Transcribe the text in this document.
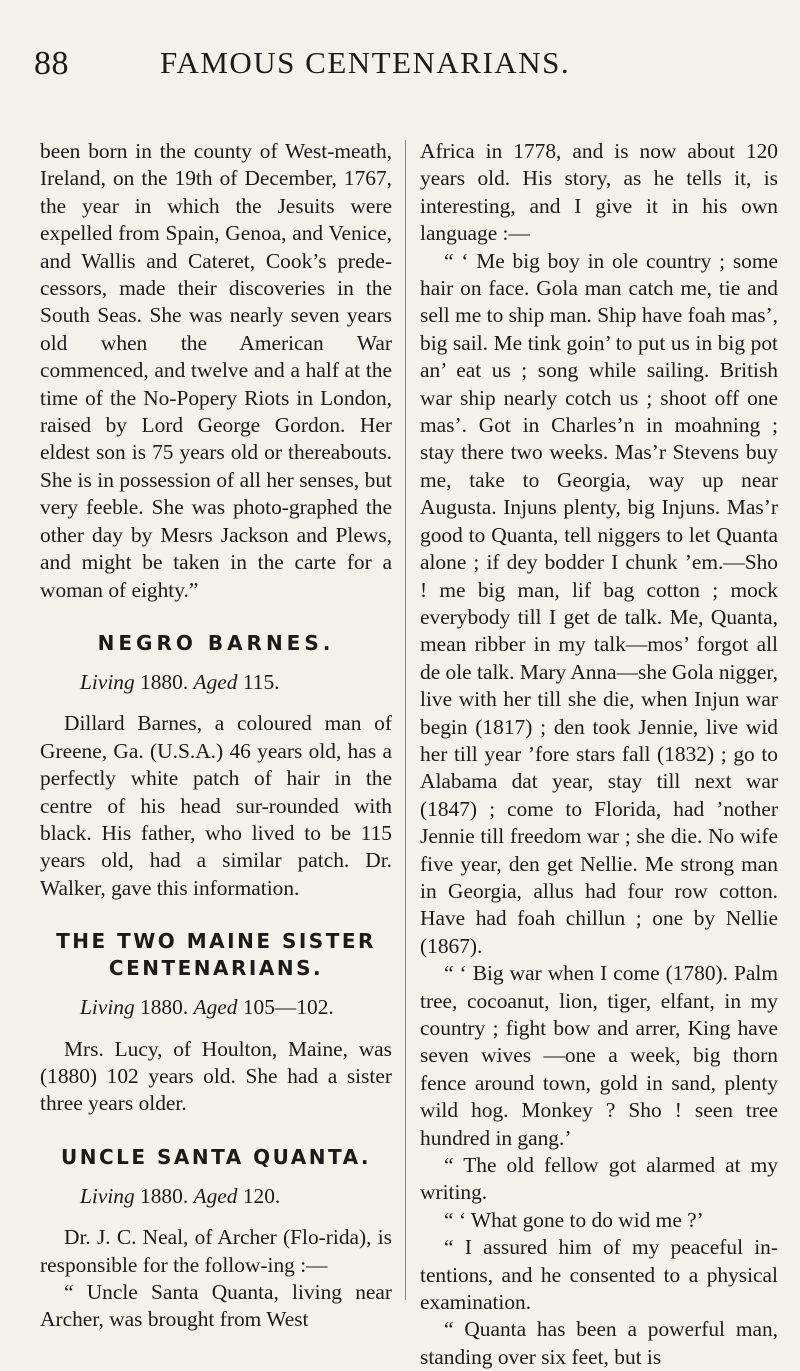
88	FAMOUS CENTENARIANS.

been born in the county of West-meath, Ireland, on the 19th of December, 1767, the year in which the Jesuits were expelled from Spain, Genoa, and Venice, and Wallis and Cateret, Cook’s prede-cessors, made their discoveries in the South Seas. She was nearly seven years old when the American War commenced, and twelve and a half at the time of the No-Popery Riots in London, raised by Lord George Gordon. Her eldest son is 75 years old or thereabouts. She is in possession of all her senses, but very feeble. She was photo-graphed the other day by Mesrs Jackson and Plews, and might be taken in the carte for a woman of eighty.”

NEGRO BARNES.

Living 1880. Aged 115.

Dillard Barnes, a coloured man of Greene, Ga. (U.S.A.) 46 years old, has a perfectly white patch of hair in the centre of his head sur-rounded with black. His father, who lived to be 115 years old, had a similar patch. Dr. Walker, gave this information.

THE TWO MAINE SISTER
CENTENARIANS.

Living 1880. Aged 105—102.

Mrs. Lucy, of Houlton, Maine, was (1880) 102 years old. She had a sister three years older.

UNCLE SANTA QUANTA.

Living 1880. Aged 120.

Dr. J. C. Neal, of Archer (Flo-rida), is responsible for the follow-ing :—

“ Uncle Santa Quanta, living near Archer, was brought from West

Africa in 1778, and is now about 120 years old. His story, as he tells it, is interesting, and I give it in his own language :—

“ ‘ Me big boy in ole country ; some hair on face. Gola man catch me, tie and sell me to ship man. Ship have foah mas’, big sail. Me tink goin’ to put us in big pot an’ eat us ; song while sailing. British war ship nearly cotch us ; shoot off one mas’. Got in Charles’n in moahning ; stay there two weeks. Mas’r Stevens buy me, take to Georgia, way up near Augusta. Injuns plenty, big Injuns. Mas’r good to Quanta, tell niggers to let Quanta alone ; if dey bodder I chunk ’em.—Sho ! me big man, lif bag cotton ; mock everybody till I get de talk. Me, Quanta, mean ribber in my talk—mos’ forgot all de ole talk. Mary Anna—she Gola nigger, live with her till she die, when Injun war begin (1817) ; den took Jennie, live wid her till year ’fore stars fall (1832) ; go to Alabama dat year, stay till next war (1847) ; come to Florida, had ’nother Jennie till freedom war ; she die. No wife five year, den get Nellie. Me strong man in Georgia, allus had four row cotton. Have had foah chillun ; one by Nellie (1867).

“ ‘ Big war when I come (1780). Palm tree, cocoanut, lion, tiger, elfant, in my country ; fight bow and arrer, King have seven wives —one a week, big thorn fence around town, gold in sand, plenty wild hog. Monkey ? Sho ! seen tree hundred in gang.’

“ The old fellow got alarmed at my writing.

“ ‘ What gone to do wid me ?’

“ I assured him of my peaceful in-tentions, and he consented to a physical examination.

“ Quanta has been a powerful man, standing over six feet, but is
